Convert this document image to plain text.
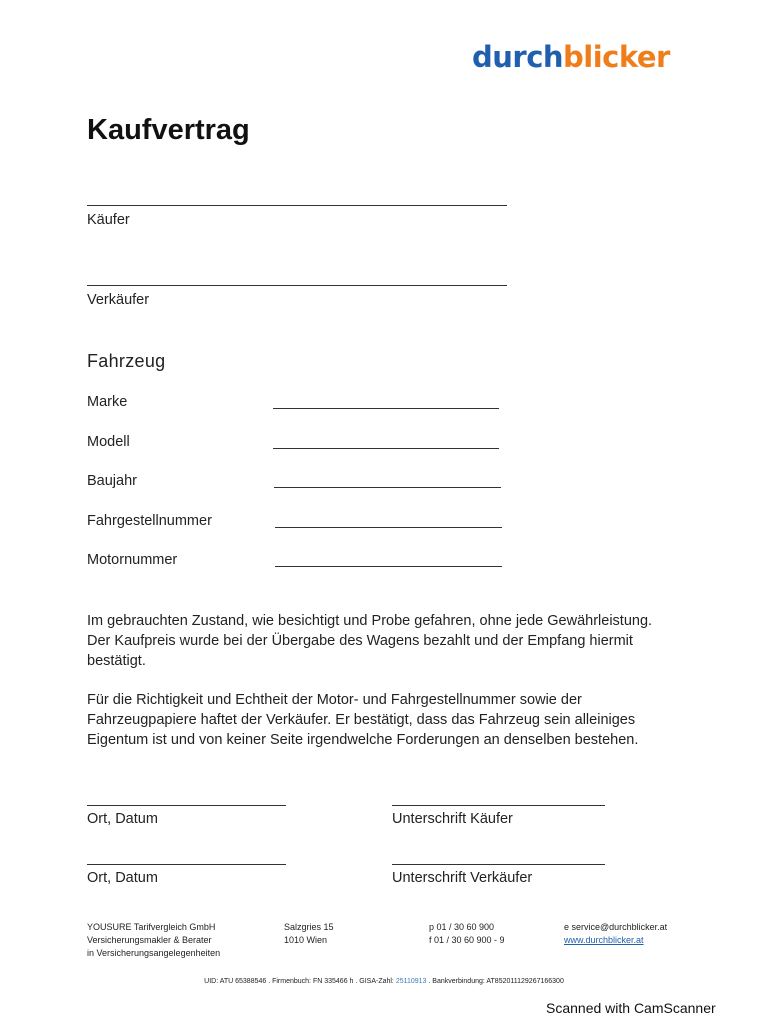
durchblicker
Kaufvertrag
Käufer
Verkäufer
Fahrzeug
Marke
Modell
Baujahr
Fahrgestellnummer
Motornummer

Im gebrauchten Zustand, wie besichtigt und Probe gefahren, ohne jede Gewährleistung.

Der Kaufpreis wurde bei der Übergabe des Wagens bezahlt und der Empfang hiermit

bestätigt.

Für die Richtigkeit und Echtheit der Motor- und Fahrgestellnummer sowie der

Fahrzeugpapiere haftet der Verkäufer. Er bestätigt, dass das Fahrzeug sein alleiniges

Eigentum ist und von keiner Seite irgendwelche Forderungen an denselben bestehen.

Ort, Datum	Unterschrift Käufer
Ort, Datum	Unterschrift Verkäufer
YOUSURE Tarifvergleich GmbH
Versicherungsmakler & Berater
in Versicherungsangelegenheiten
Salzgries 15
1010 Wien
p 01 / 30 60 900
f 01 / 30 60 900 - 9
e service@durchblicker.at
www.durchblicker.at
UID: ATU 65388546 . Firmenbuch: FN 335466 h . GISA-Zahl: 25110913 . Bankverbindung: AT852011129267166300
Scanned with CamScanner
